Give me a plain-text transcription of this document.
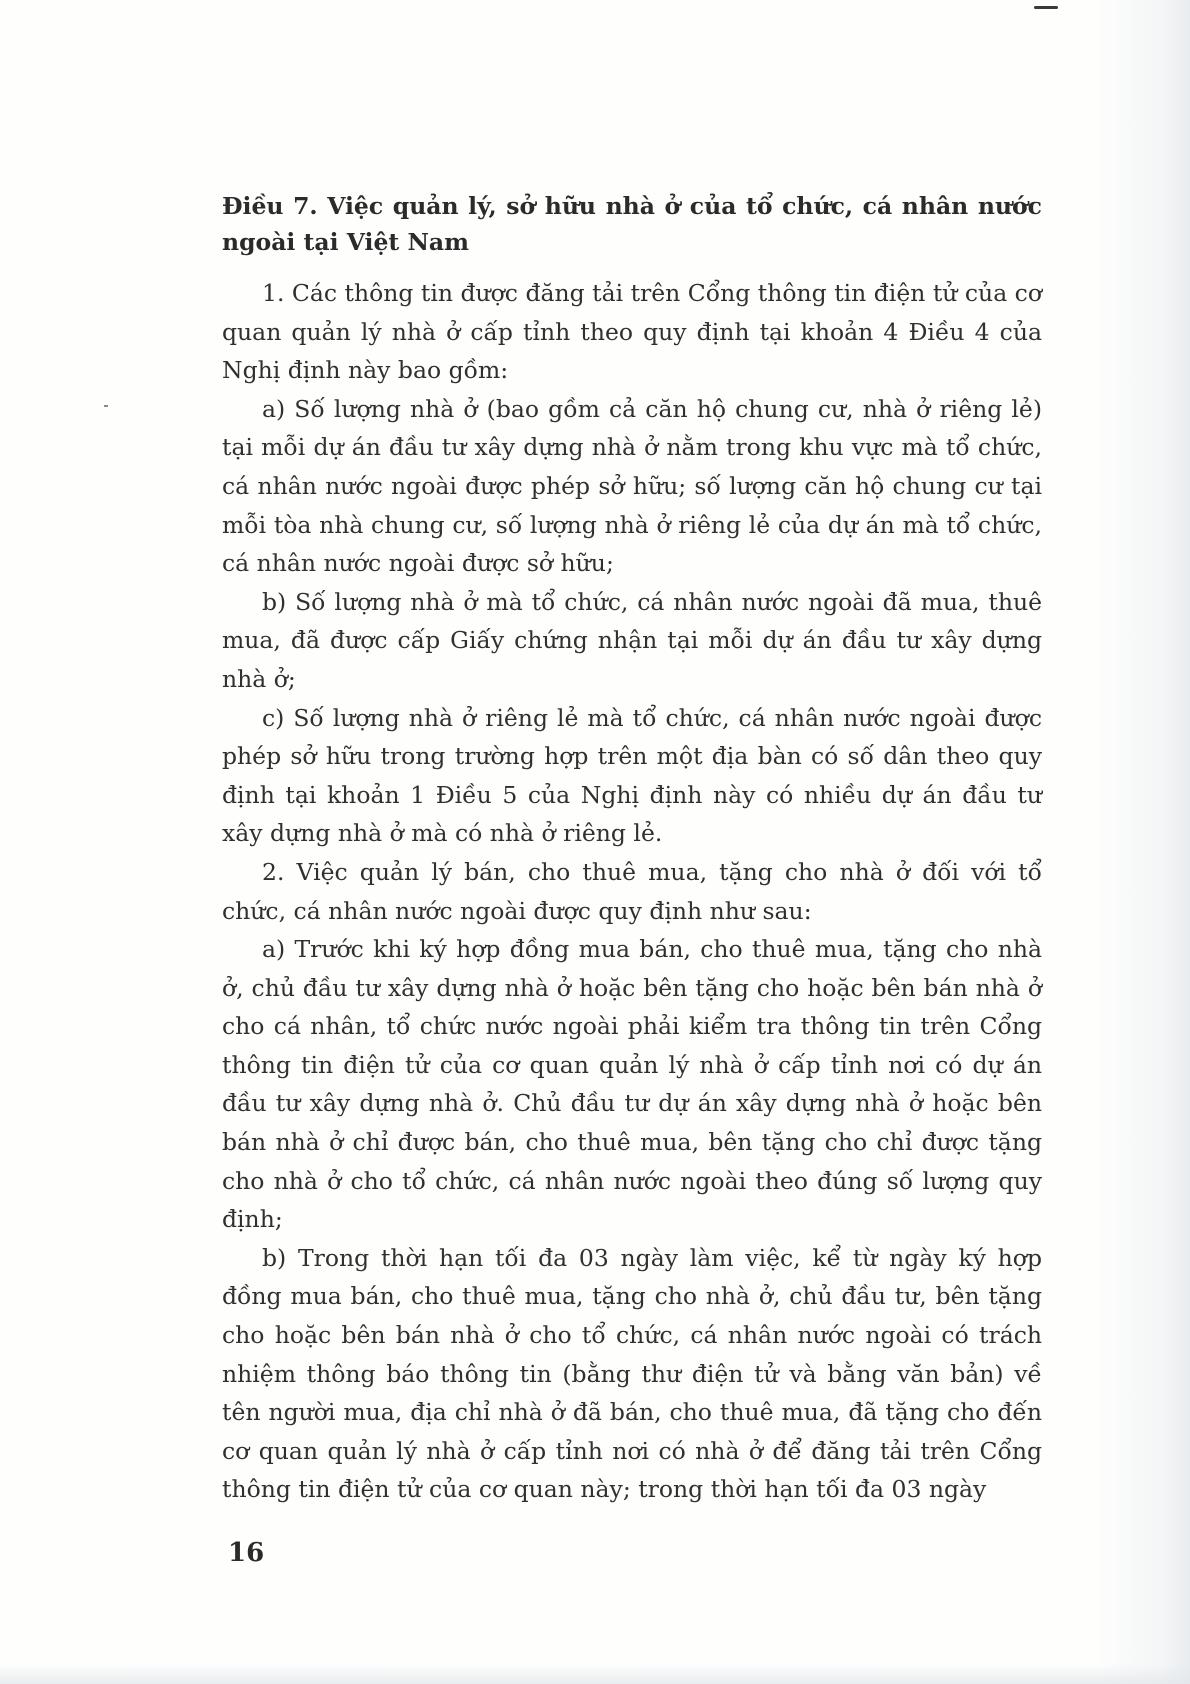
Điều 7. Việc quản lý, sở hữu nhà ở của tổ chức, cá nhân nước ngoài tại Việt Nam

1. Các thông tin được đăng tải trên Cổng thông tin điện tử của cơ quan quản lý nhà ở cấp tỉnh theo quy định tại khoản 4 Điều 4 của Nghị định này bao gồm:

a) Số lượng nhà ở (bao gồm cả căn hộ chung cư, nhà ở riêng lẻ) tại mỗi dự án đầu tư xây dựng nhà ở nằm trong khu vực mà tổ chức, cá nhân nước ngoài được phép sở hữu; số lượng căn hộ chung cư tại mỗi tòa nhà chung cư, số lượng nhà ở riêng lẻ của dự án mà tổ chức, cá nhân nước ngoài được sở hữu;

b) Số lượng nhà ở mà tổ chức, cá nhân nước ngoài đã mua, thuê mua, đã được cấp Giấy chứng nhận tại mỗi dự án đầu tư xây dựng nhà ở;

c) Số lượng nhà ở riêng lẻ mà tổ chức, cá nhân nước ngoài được phép sở hữu trong trường hợp trên một địa bàn có số dân theo quy định tại khoản 1 Điều 5 của Nghị định này có nhiều dự án đầu tư xây dựng nhà ở mà có nhà ở riêng lẻ.

2. Việc quản lý bán, cho thuê mua, tặng cho nhà ở đối với tổ chức, cá nhân nước ngoài được quy định như sau:

a) Trước khi ký hợp đồng mua bán, cho thuê mua, tặng cho nhà ở, chủ đầu tư xây dựng nhà ở hoặc bên tặng cho hoặc bên bán nhà ở cho cá nhân, tổ chức nước ngoài phải kiểm tra thông tin trên Cổng thông tin điện tử của cơ quan quản lý nhà ở cấp tỉnh nơi có dự án đầu tư xây dựng nhà ở. Chủ đầu tư dự án xây dựng nhà ở hoặc bên bán nhà ở chỉ được bán, cho thuê mua, bên tặng cho chỉ được tặng cho nhà ở cho tổ chức, cá nhân nước ngoài theo đúng số lượng quy định;

b) Trong thời hạn tối đa 03 ngày làm việc, kể từ ngày ký hợp đồng mua bán, cho thuê mua, tặng cho nhà ở, chủ đầu tư, bên tặng cho hoặc bên bán nhà ở cho tổ chức, cá nhân nước ngoài có trách nhiệm thông báo thông tin (bằng thư điện tử và bằng văn bản) về tên người mua, địa chỉ nhà ở đã bán, cho thuê mua, đã tặng cho đến cơ quan quản lý nhà ở cấp tỉnh nơi có nhà ở để đăng tải trên Cổng thông tin điện tử của cơ quan này; trong thời hạn tối đa 03 ngày

16
